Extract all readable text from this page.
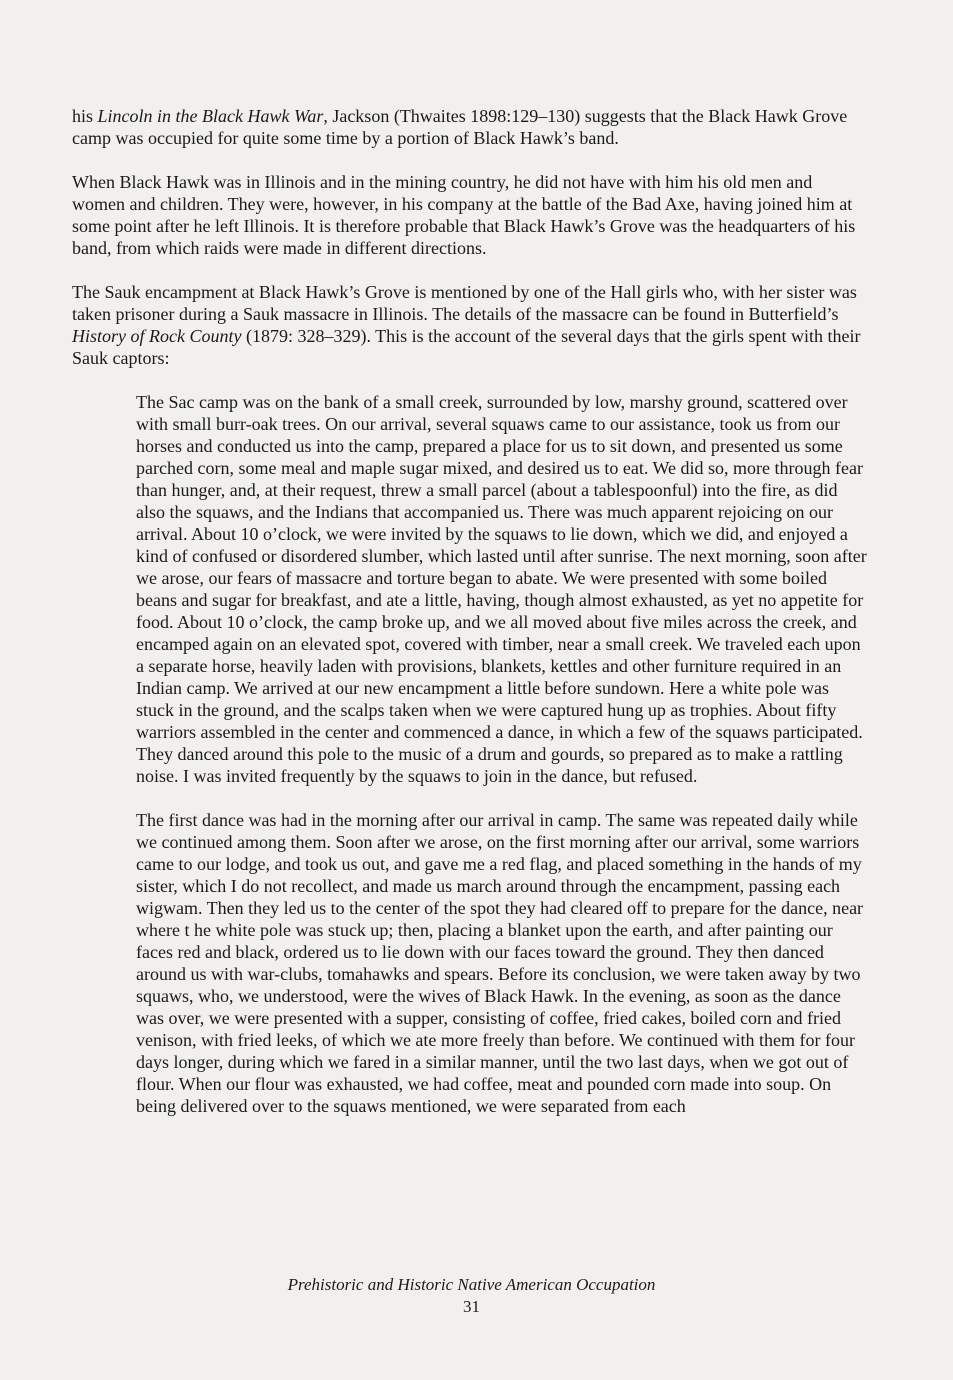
his Lincoln in the Black Hawk War, Jackson (Thwaites 1898:129–130) suggests that the Black Hawk Grove camp was occupied for quite some time by a portion of Black Hawk’s band.

When Black Hawk was in Illinois and in the mining country, he did not have with him his old men and women and children. They were, however, in his company at the battle of the Bad Axe, having joined him at some point after he left Illinois. It is therefore probable that Black Hawk’s Grove was the headquarters of his band, from which raids were made in different directions.

The Sauk encampment at Black Hawk’s Grove is mentioned by one of the Hall girls who, with her sister was taken prisoner during a Sauk massacre in Illinois. The details of the massacre can be found in Butterfield’s History of Rock County (1879: 328–329). This is the account of the several days that the girls spent with their Sauk captors:

The Sac camp was on the bank of a small creek, surrounded by low, marshy ground, scattered over with small burr-oak trees. On our arrival, several squaws came to our assistance, took us from our horses and conducted us into the camp, prepared a place for us to sit down, and presented us some parched corn, some meal and maple sugar mixed, and desired us to eat. We did so, more through fear than hunger, and, at their request, threw a small parcel (about a tablespoonful) into the fire, as did also the squaws, and the Indians that accompanied us. There was much apparent rejoicing on our arrival. About 10 o’clock, we were invited by the squaws to lie down, which we did, and enjoyed a kind of confused or disordered slumber, which lasted until after sunrise. The next morning, soon after we arose, our fears of massacre and torture began to abate. We were presented with some boiled beans and sugar for breakfast, and ate a little, having, though almost exhausted, as yet no appetite for food. About 10 o’clock, the camp broke up, and we all moved about five miles across the creek, and encamped again on an elevated spot, covered with timber, near a small creek. We traveled each upon a separate horse, heavily laden with provisions, blankets, kettles and other furniture required in an Indian camp. We arrived at our new encampment a little before sundown. Here a white pole was stuck in the ground, and the scalps taken when we were captured hung up as trophies. About fifty warriors assembled in the center and commenced a dance, in which a few of the squaws participated. They danced around this pole to the music of a drum and gourds, so prepared as to make a rattling noise. I was invited frequently by the squaws to join in the dance, but refused.

The first dance was had in the morning after our arrival in camp. The same was repeated daily while we continued among them. Soon after we arose, on the first morning after our arrival, some warriors came to our lodge, and took us out, and gave me a red flag, and placed something in the hands of my sister, which I do not recollect, and made us march around through the encampment, passing each wigwam. Then they led us to the center of the spot they had cleared off to prepare for the dance, near where t he white pole was stuck up; then, placing a blanket upon the earth, and after painting our faces red and black, ordered us to lie down with our faces toward the ground. They then danced around us with war-clubs, tomahawks and spears. Before its conclusion, we were taken away by two squaws, who, we understood, were the wives of Black Hawk. In the evening, as soon as the dance was over, we were presented with a supper, consisting of coffee, fried cakes, boiled corn and fried venison, with fried leeks, of which we ate more freely than before. We continued with them for four days longer, during which we fared in a similar manner, until the two last days, when we got out of flour. When our flour was exhausted, we had coffee, meat and pounded corn made into soup. On being delivered over to the squaws mentioned, we were separated from each

Prehistoric and Historic Native American Occupation
31
